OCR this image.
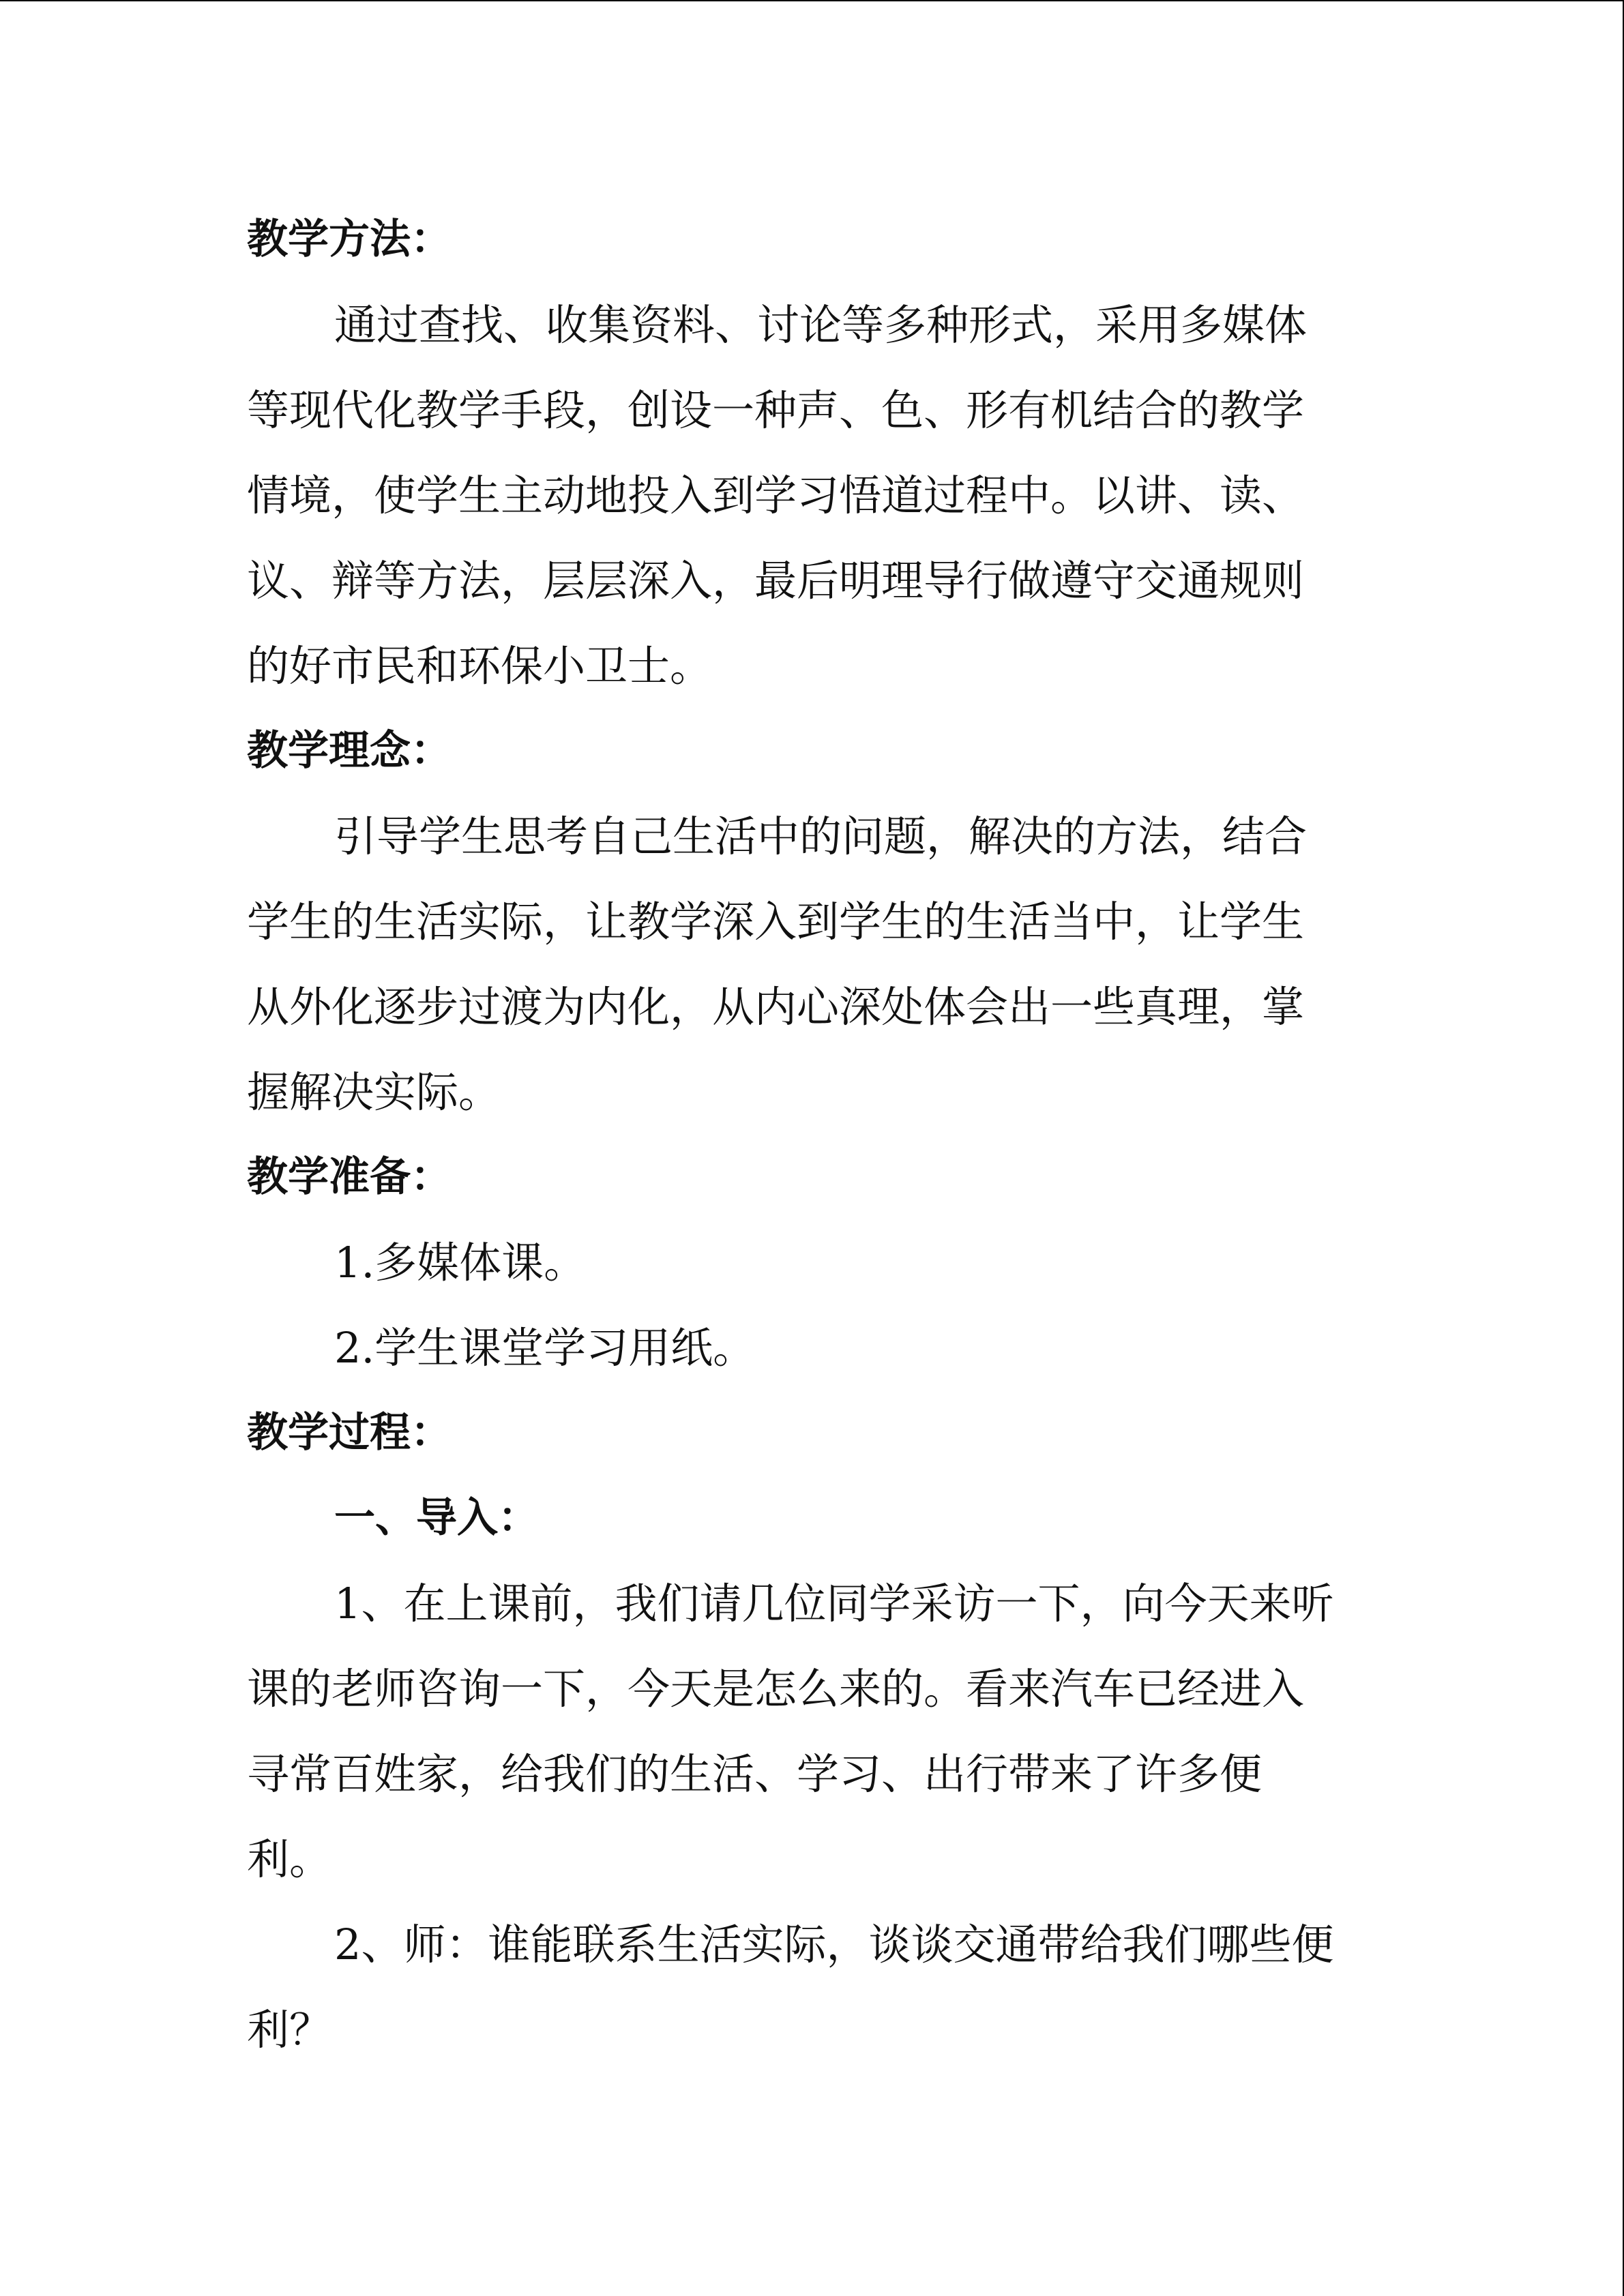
教学方法：
通过查找、收集资料、讨论等多种形式，采用多媒体
等现代化教学手段，创设一种声、色、形有机结合的教学
情境，使学生主动地投入到学习悟道过程中。以讲、读、
议、辩等方法，层层深入，最后明理导行做遵守交通规则
的好市民和环保小卫士。
教学理念：
引导学生思考自己生活中的问题，解决的方法，结合
学生的生活实际，让教学深入到学生的生活当中，让学生
从外化逐步过渡为内化，从内心深处体会出一些真理，掌
握解决实际。
教学准备：
1.多媒体课。
2.学生课堂学习用纸。
教学过程：
一、导入：
1、在上课前，我们请几位同学采访一下，向今天来听
课的老师咨询一下，今天是怎么来的。看来汽车已经进入
寻常百姓家，给我们的生活、学习、出行带来了许多便
利。
2、师：谁能联系生活实际，谈谈交通带给我们哪些便
利？
